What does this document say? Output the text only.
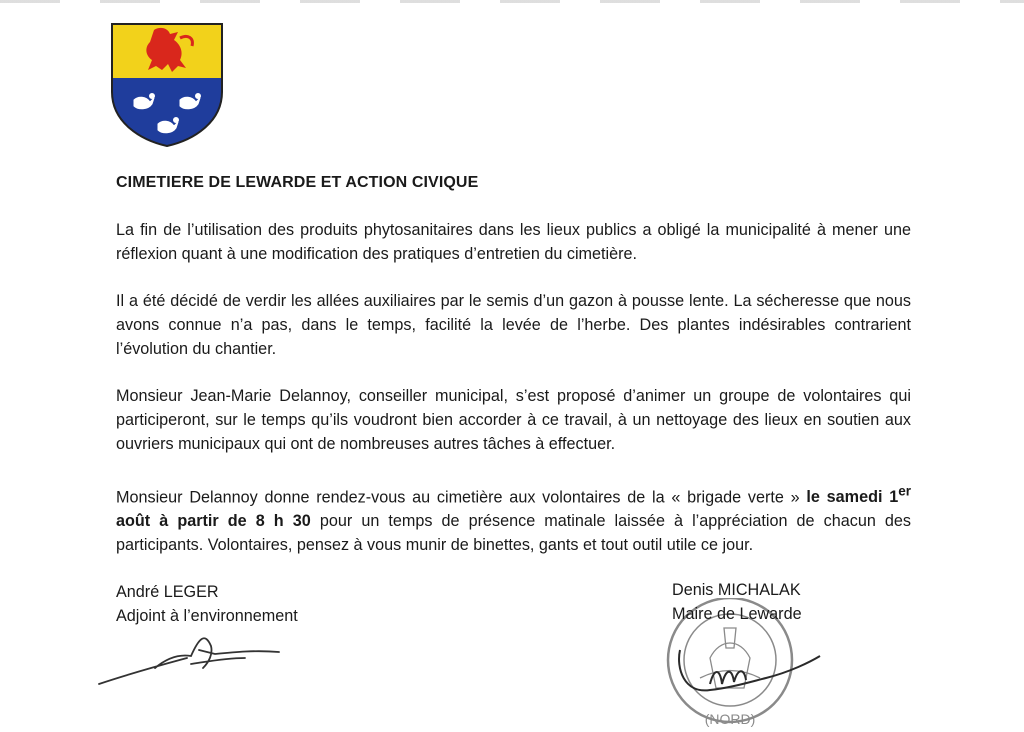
CIMETIERE DE LEWARDE ET ACTION CIVIQUE

La fin de l’utilisation des produits phytosanitaires dans les lieux publics a obligé la municipalité à mener une réflexion quant à une modification des pratiques d’entretien du cimetière.

Il a été décidé de verdir les allées auxiliaires par le semis d’un gazon à pousse lente. La sécheresse que nous avons connue n’a pas, dans le temps, facilité la levée de l’herbe. Des plantes indésirables contrarient l’évolution du chantier.

Monsieur Jean-Marie Delannoy, conseiller municipal, s’est proposé d’animer un groupe de volontaires qui participeront, sur le temps qu’ils voudront bien accorder à ce travail, à un nettoyage des lieux en soutien aux ouvriers municipaux qui ont de nombreuses autres tâches à effectuer.

Monsieur Delannoy donne rendez-vous au cimetière aux volontaires de la « brigade verte » le samedi 1er août à partir de 8 h 30 pour un temps de présence matinale laissée à l’appréciation de chacun des participants. Volontaires, pensez à vous munir de binettes, gants et tout outil utile ce jour.

André LEGER
Adjoint à l’environnement
(NORD)
Denis MICHALAK
Maire de Lewarde
